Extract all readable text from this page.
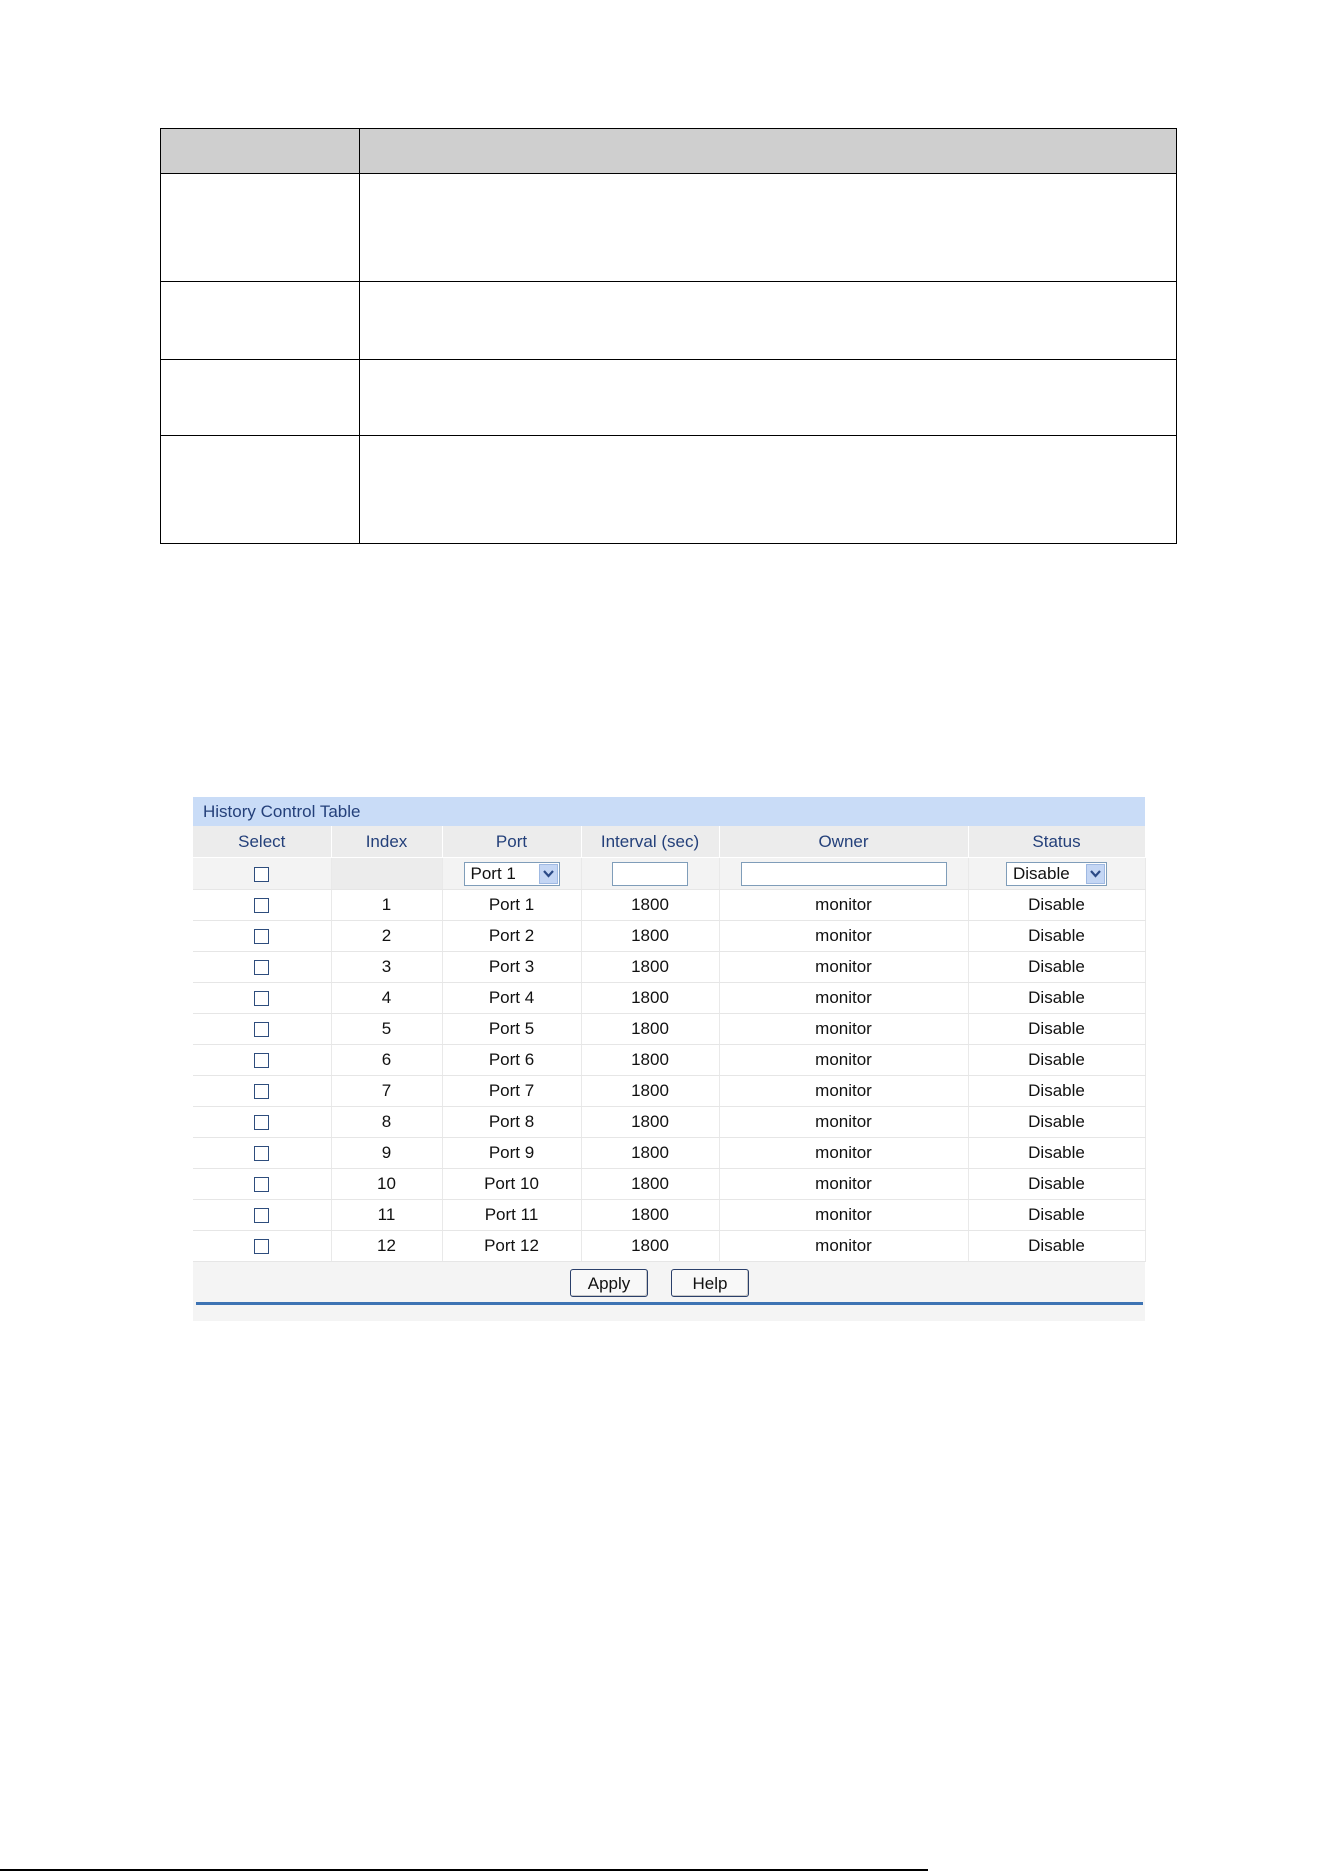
History Control Table
Select	Index	Port	Interval (sec)	Owner	Status

		Port 1			Disable

	1	Port 1	1800	monitor	Disable
	2	Port 2	1800	monitor	Disable
	3	Port 3	1800	monitor	Disable
	4	Port 4	1800	monitor	Disable
	5	Port 5	1800	monitor	Disable
	6	Port 6	1800	monitor	Disable
	7	Port 7	1800	monitor	Disable
	8	Port 8	1800	monitor	Disable
	9	Port 9	1800	monitor	Disable
	10	Port 10	1800	monitor	Disable
	11	Port 11	1800	monitor	Disable
	12	Port 12	1800	monitor	Disable
Apply	Help
